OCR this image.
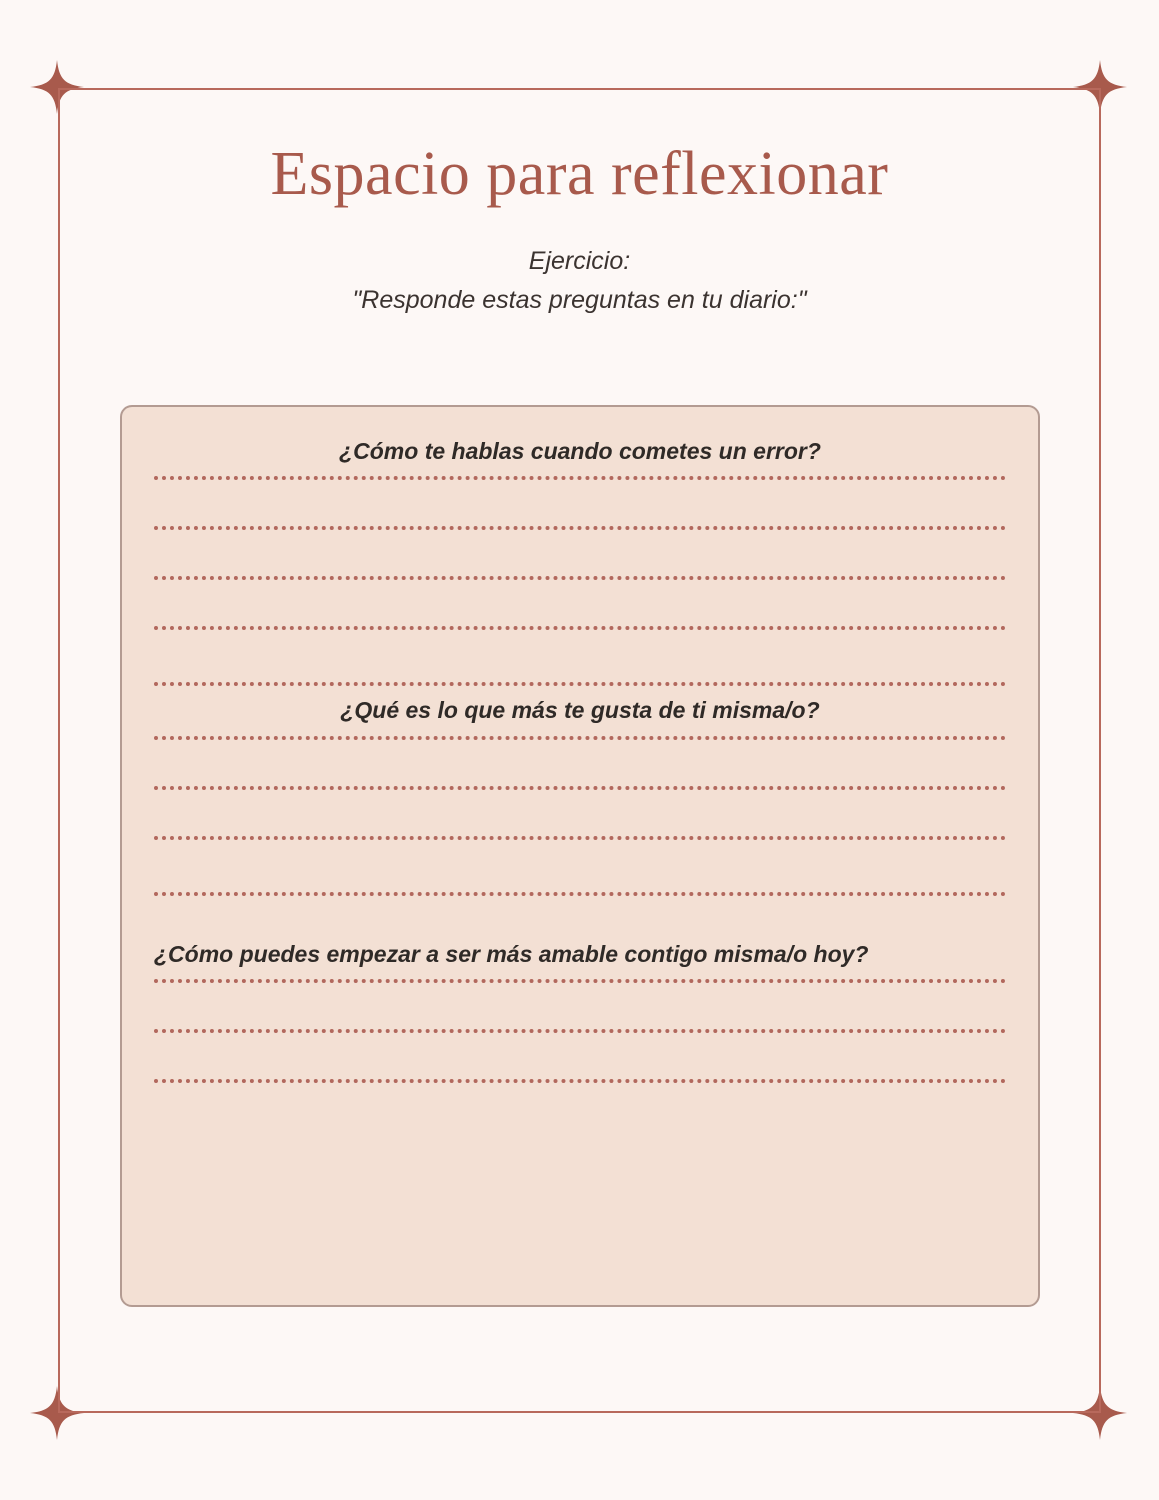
Espacio para reflexionar
Ejercicio:
"Responde estas preguntas en tu diario:"
¿Cómo te hablas cuando cometes un error?
¿Qué es lo que más te gusta de ti misma/o?
¿Cómo puedes empezar a ser más amable contigo misma/o hoy?
